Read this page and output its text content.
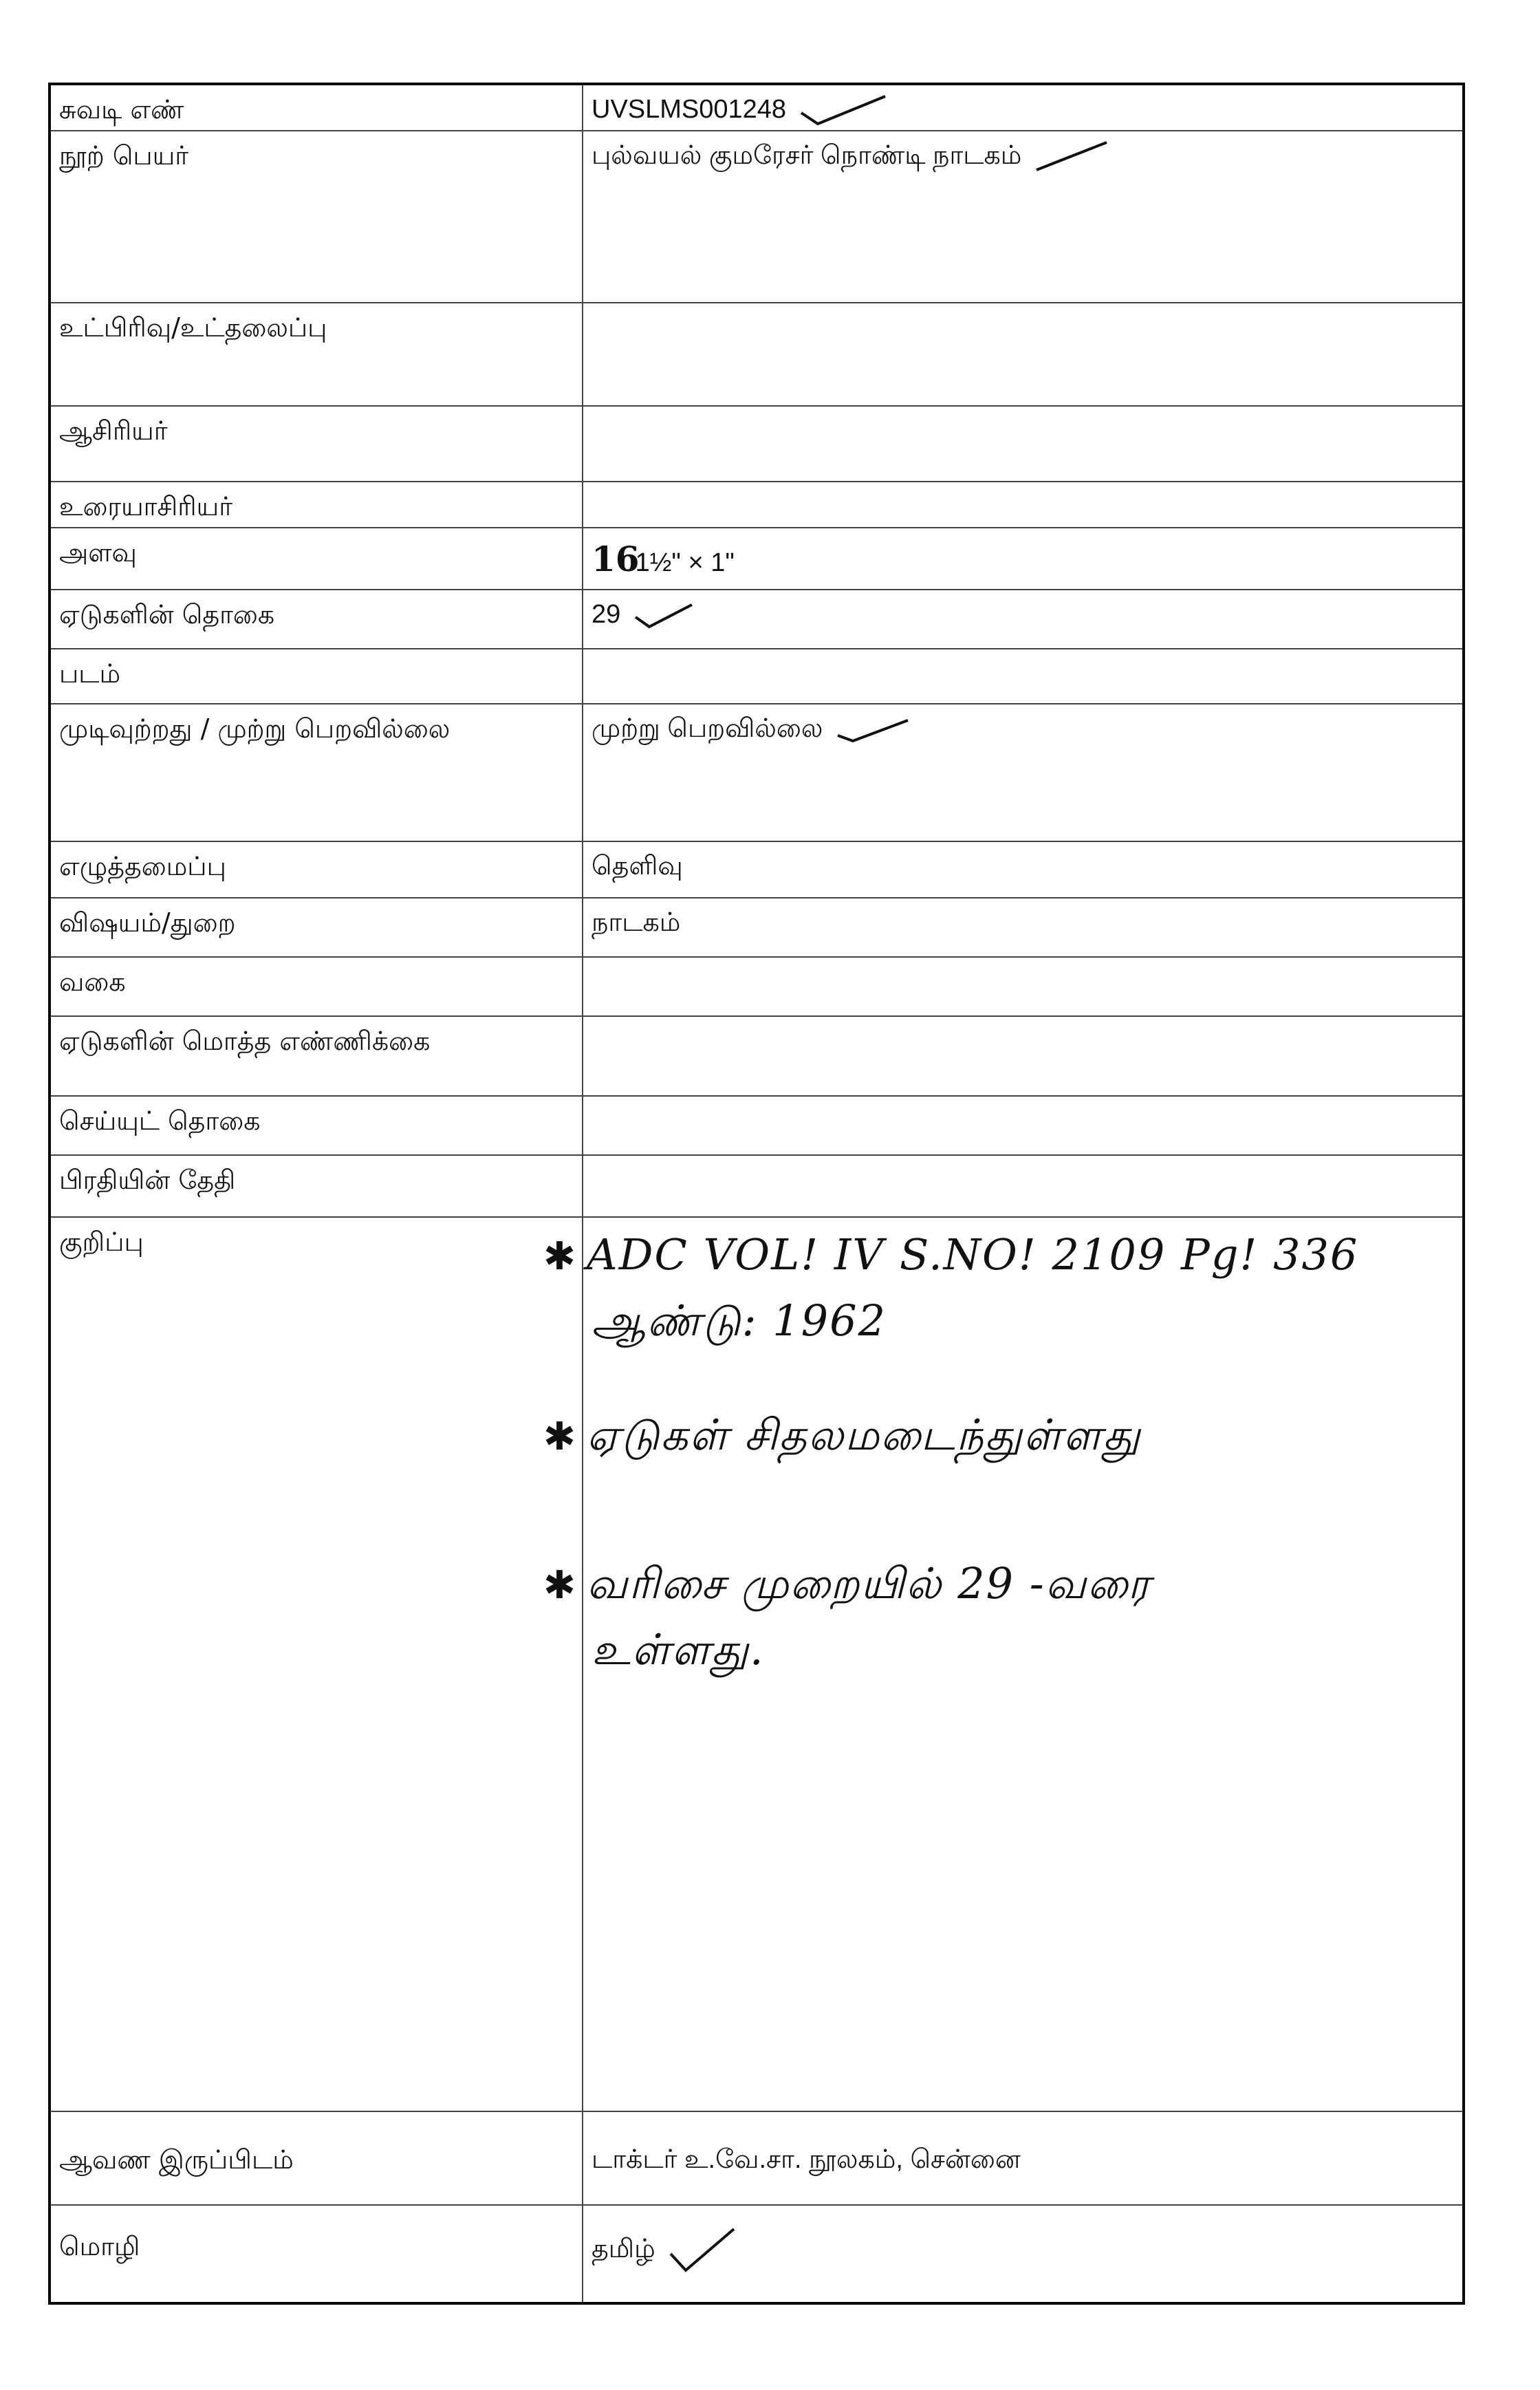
சுவடி எண்	UVSLMS001248
நூற் பெயர்	புல்வயல் குமரேசர் நொண்டி நாடகம்
உட்பிரிவு/உட்தலைப்பு	
ஆசிரியர்	
உரையாசிரியர்	
அளவு	161½" × 1"
ஏடுகளின் தொகை	29
படம்	
முடிவுற்றது / முற்று பெறவில்லை	முற்று பெறவில்லை
எழுத்தமைப்பு	தெளிவு
விஷயம்/துறை	நாடகம்
வகை	
ஏடுகளின் மொத்த எண்ணிக்கை	
செய்யுட் தொகை	
பிரதியின் தேதி	
குறிப்பு	✱ ADC VOL! IV S.NO! 2109 Pg! 336
ஆண்டு: 1962

✱ ஏடுகள் சிதலமடைந்துள்ளது

✱ வரிசை முறையில் 29 -வரை
உள்ளது.

ஆவண இருப்பிடம்	டாக்டர் உ.வே.சா. நூலகம், சென்னை
மொழி	தமிழ்
